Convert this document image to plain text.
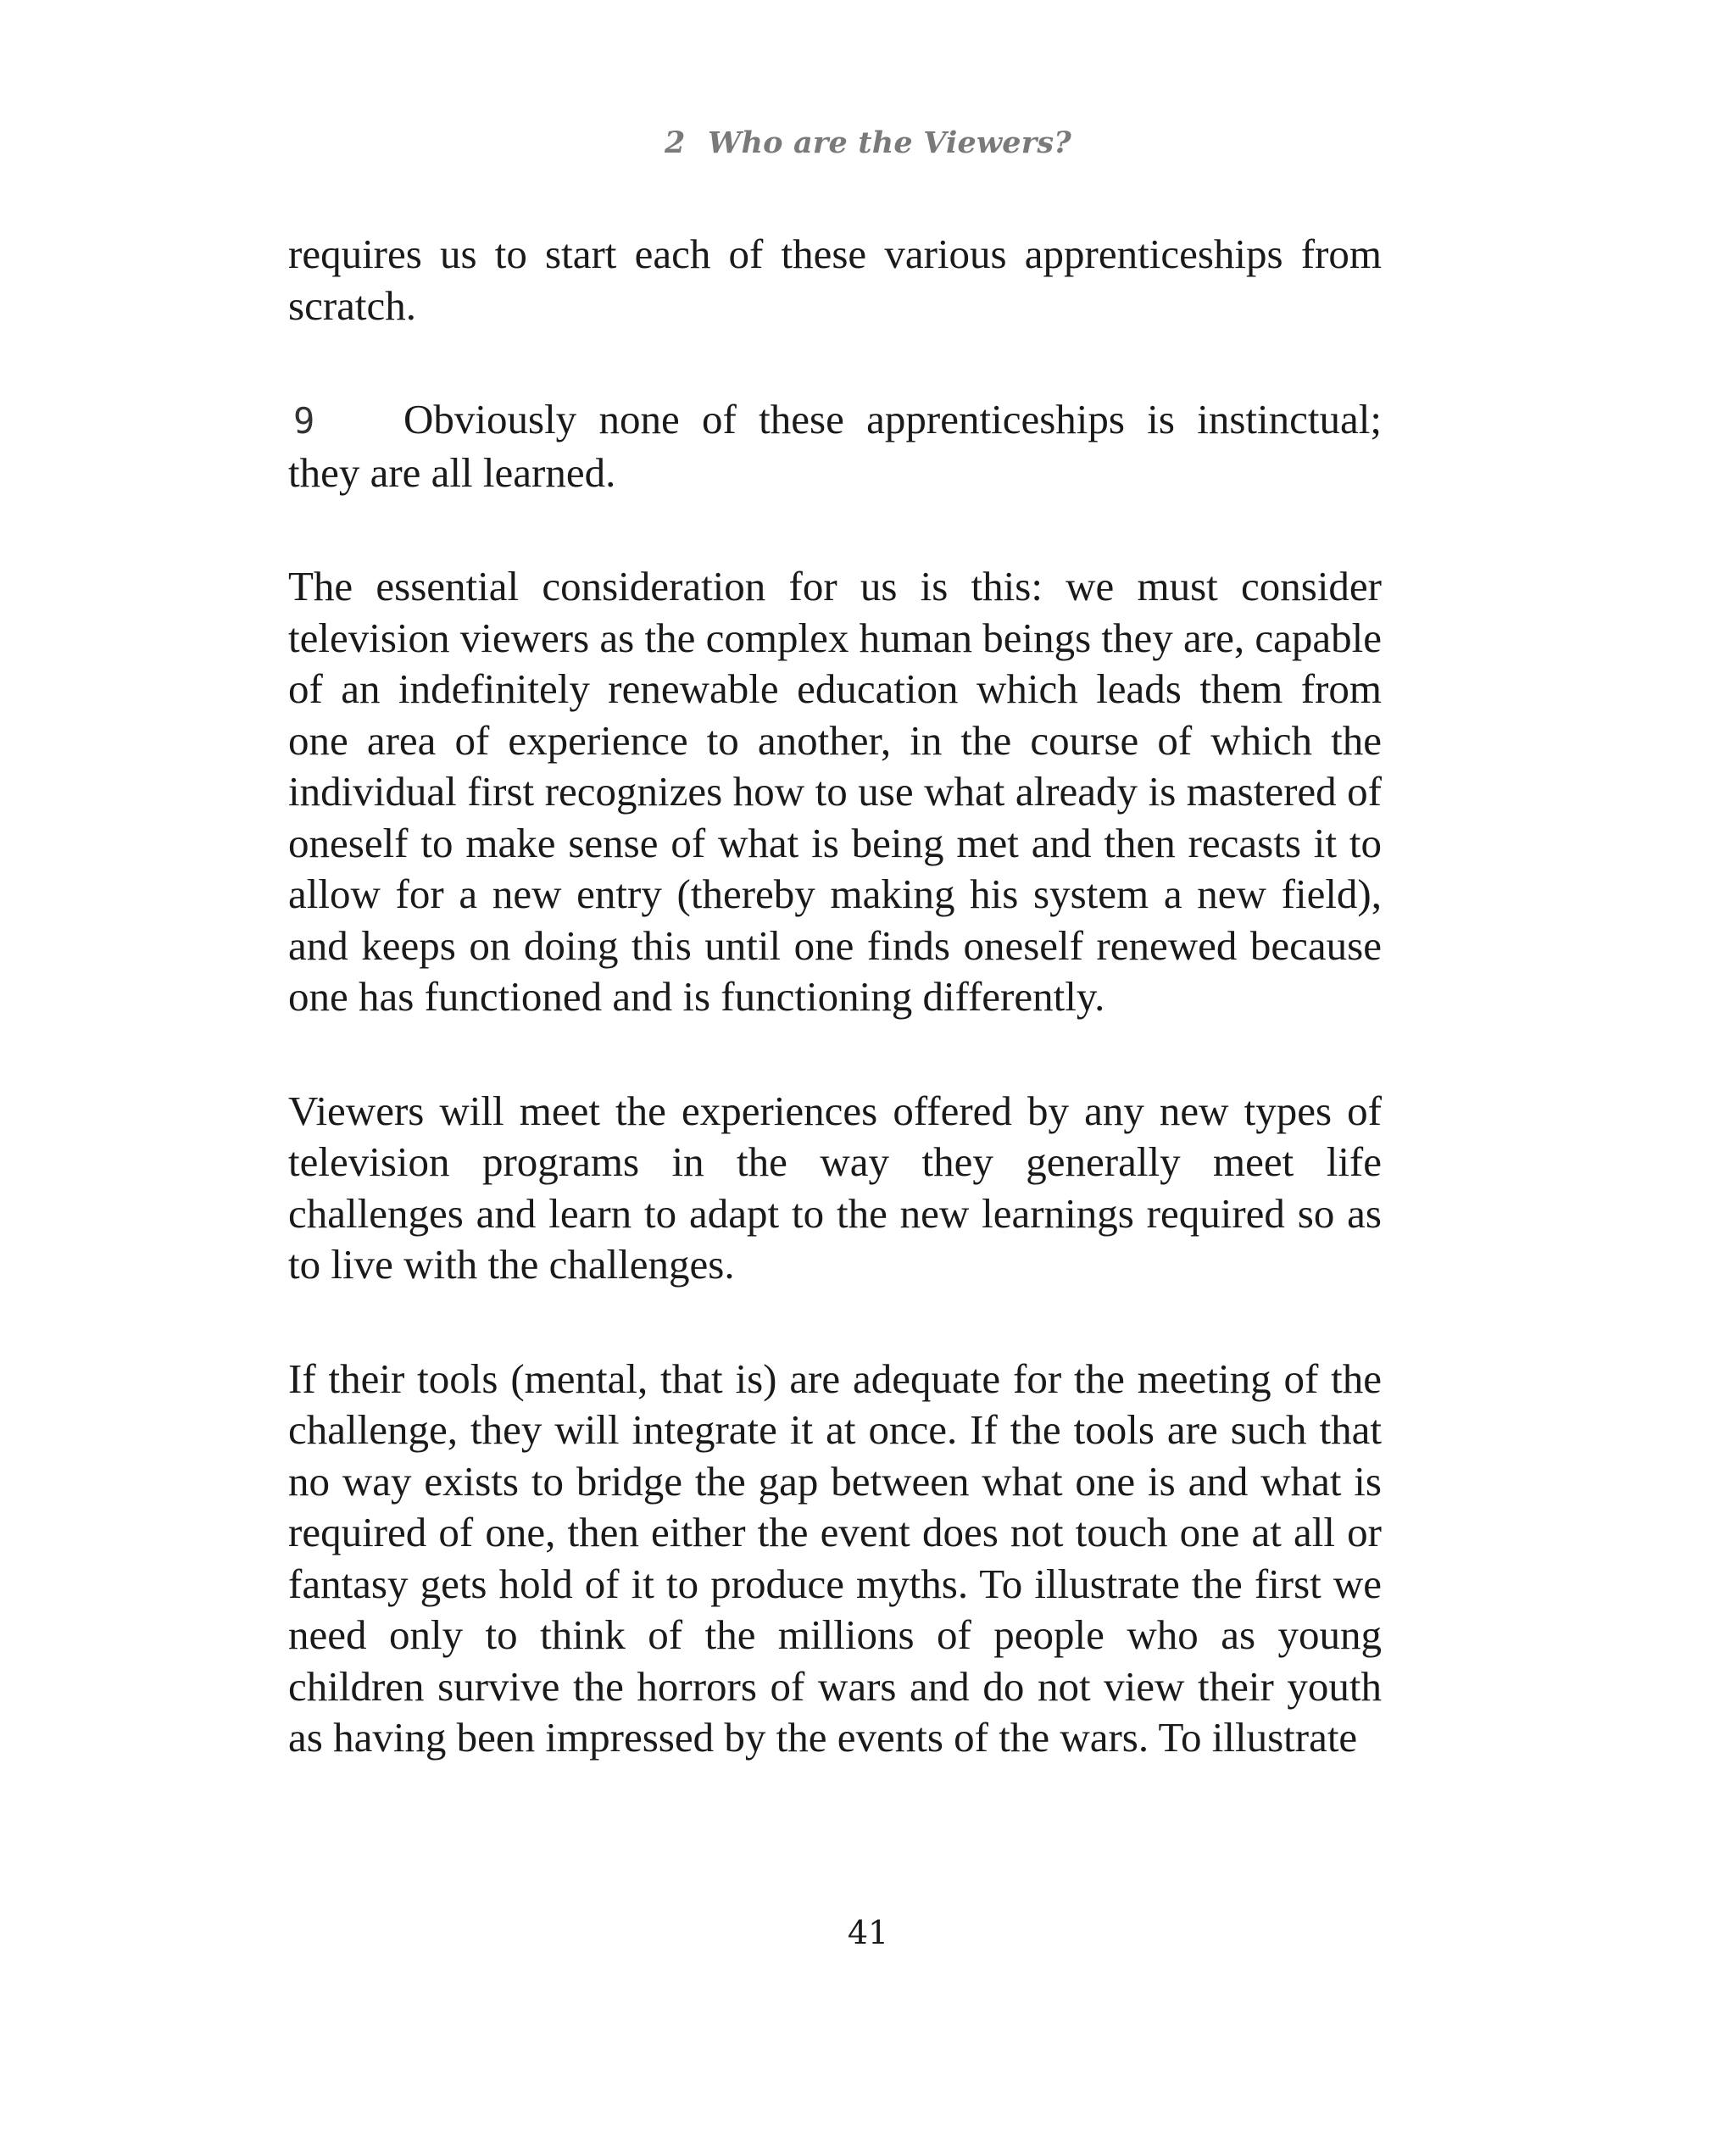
2 Who are the Viewers?

requires us to start each of these various apprenticeships from scratch.

9 Obviously none of these apprenticeships is instinctual; they are all learned.

The essential consideration for us is this: we must consider television viewers as the complex human beings they are, capable of an indefinitely renewable education which leads them from one area of experience to another, in the course of which the individual first recognizes how to use what already is mastered of oneself to make sense of what is being met and then recasts it to allow for a new entry (thereby making his system a new field), and keeps on doing this until one finds oneself renewed because one has functioned and is functioning differently.

Viewers will meet the experiences offered by any new types of television programs in the way they generally meet life challenges and learn to adapt to the new learnings required so as to live with the challenges.

If their tools (mental, that is) are adequate for the meeting of the challenge, they will integrate it at once. If the tools are such that no way exists to bridge the gap between what one is and what is required of one, then either the event does not touch one at all or fantasy gets hold of it to produce myths. To illustrate the first we need only to think of the millions of people who as young children survive the horrors of wars and do not view their youth as having been impressed by the events of the wars. To illustrate

41
